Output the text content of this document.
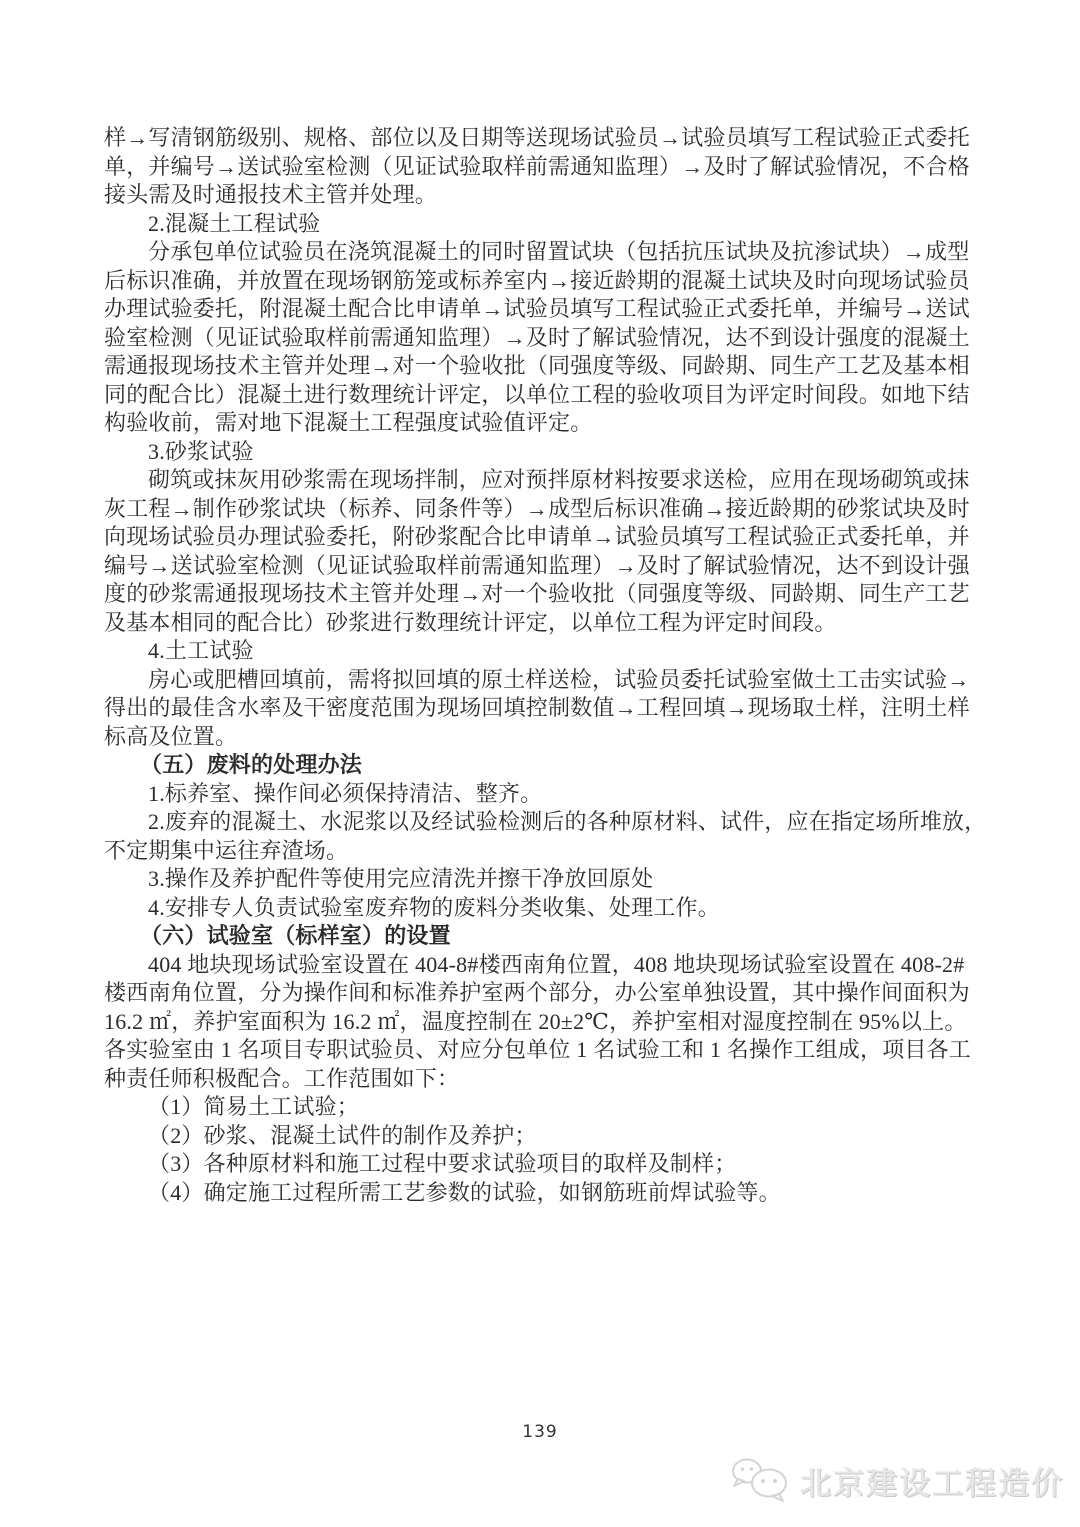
样→写清钢筋级别、规格、部位以及日期等送现场试验员→试验员填写工程试验正式委托
单，并编号→送试验室检测（见证试验取样前需通知监理）→及时了解试验情况，不合格
接头需及时通报技术主管并处理。
2.混凝土工程试验
分承包单位试验员在浇筑混凝土的同时留置试块（包括抗压试块及抗渗试块）→成型
后标识准确，并放置在现场钢筋笼或标养室内→接近龄期的混凝土试块及时向现场试验员
办理试验委托，附混凝土配合比申请单→试验员填写工程试验正式委托单，并编号→送试
验室检测（见证试验取样前需通知监理）→及时了解试验情况，达不到设计强度的混凝土
需通报现场技术主管并处理→对一个验收批（同强度等级、同龄期、同生产工艺及基本相
同的配合比）混凝土进行数理统计评定，以单位工程的验收项目为评定时间段。如地下结
构验收前，需对地下混凝土工程强度试验值评定。
3.砂浆试验
砌筑或抹灰用砂浆需在现场拌制，应对预拌原材料按要求送检，应用在现场砌筑或抹
灰工程→制作砂浆试块（标养、同条件等）→成型后标识准确→接近龄期的砂浆试块及时
向现场试验员办理试验委托，附砂浆配合比申请单→试验员填写工程试验正式委托单，并
编号→送试验室检测（见证试验取样前需通知监理）→及时了解试验情况，达不到设计强
度的砂浆需通报现场技术主管并处理→对一个验收批（同强度等级、同龄期、同生产工艺
及基本相同的配合比）砂浆进行数理统计评定，以单位工程为评定时间段。
4.土工试验
房心或肥槽回填前，需将拟回填的原土样送检，试验员委托试验室做土工击实试验→
得出的最佳含水率及干密度范围为现场回填控制数值→工程回填→现场取土样，注明土样
标高及位置。
（五）废料的处理办法
1.标养室、操作间必须保持清洁、整齐。
2.废弃的混凝土、水泥浆以及经试验检测后的各种原材料、试件，应在指定场所堆放，
不定期集中运往弃渣场。
3.操作及养护配件等使用完应清洗并擦干净放回原处
4.安排专人负责试验室废弃物的废料分类收集、处理工作。
（六）试验室（标样室）的设置
404 地块现场试验室设置在 404-8#楼西南角位置，408 地块现场试验室设置在 408-2#
楼西南角位置，分为操作间和标准养护室两个部分，办公室单独设置，其中操作间面积为
16.2 ㎡，养护室面积为 16.2 ㎡，温度控制在 20±2℃，养护室相对湿度控制在 95%以上。
各实验室由 1 名项目专职试验员、对应分包单位 1 名试验工和 1 名操作工组成，项目各工
种责任师积极配合。工作范围如下：
（1）简易土工试验；
（2）砂浆、混凝土试件的制作及养护；
（3）各种原材料和施工过程中要求试验项目的取样及制样；
（4）确定施工过程所需工艺参数的试验，如钢筋班前焊试验等。
139
北京建设工程造价
